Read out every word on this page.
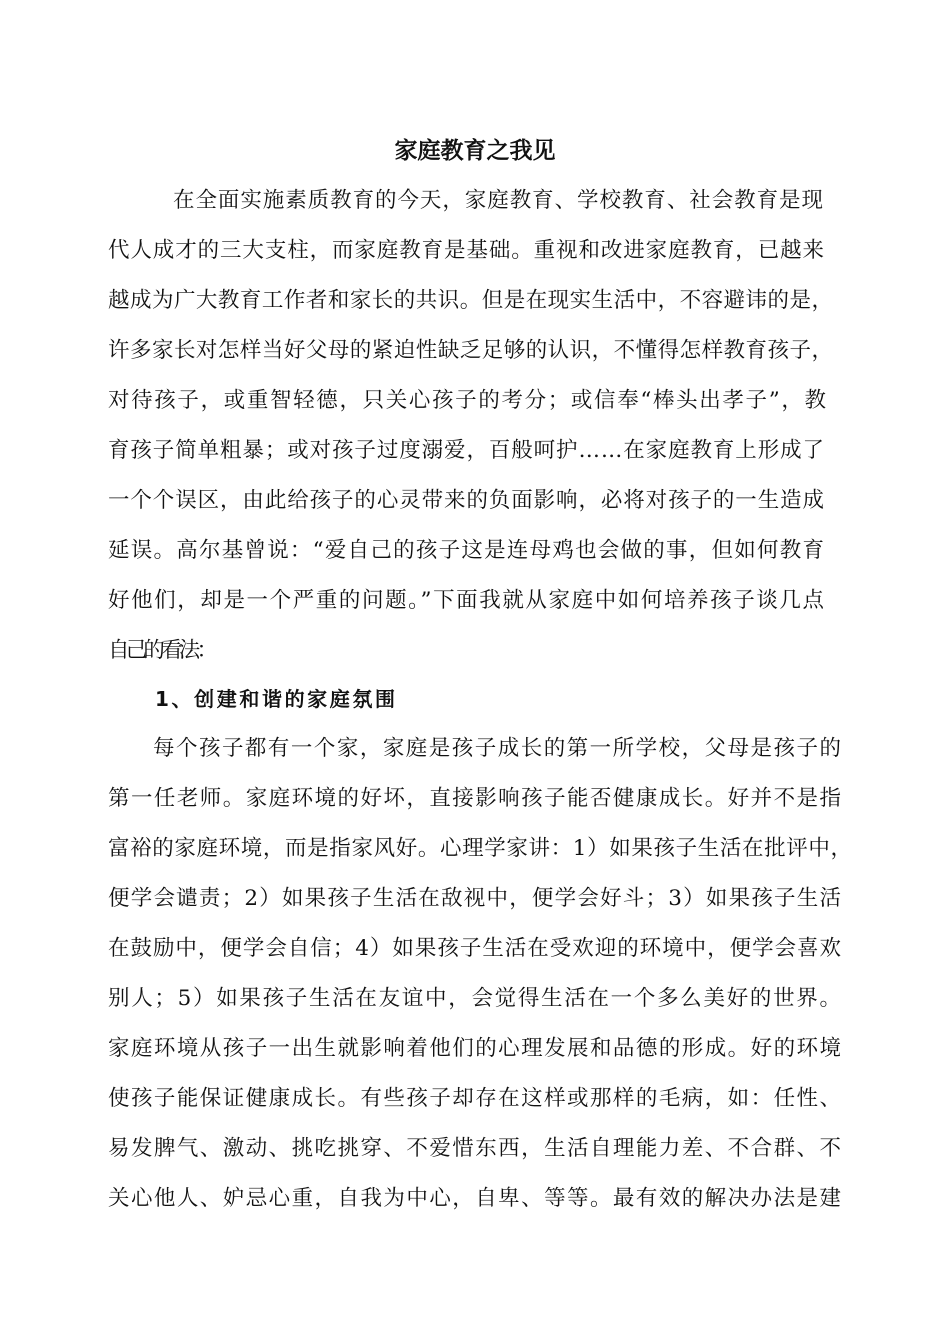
家庭教育之我见

在全面实施素质教育的今天，家庭教育、学校教育、社会教育是现

代人成才的三大支柱，而家庭教育是基础。重视和改进家庭教育，已越来

越成为广大教育工作者和家长的共识。但是在现实生活中，不容避讳的是，

许多家长对怎样当好父母的紧迫性缺乏足够的认识，不懂得怎样教育孩子，

对待孩子，或重智轻德，只关心孩子的考分；或信奉“棒头出孝子”，教

育孩子简单粗暴；或对孩子过度溺爱，百般呵护……在家庭教育上形成了

一个个误区，由此给孩子的心灵带来的负面影响，必将对孩子的一生造成

延误。高尔基曾说：“爱自己的孩子这是连母鸡也会做的事，但如何教育

好他们，却是一个严重的问题。”下面我就从家庭中如何培养孩子谈几点

自己的看法：

1、创建和谐的家庭氛围

每个孩子都有一个家，家庭是孩子成长的第一所学校，父母是孩子的

第一任老师。家庭环境的好坏，直接影响孩子能否健康成长。好并不是指

富裕的家庭环境，而是指家风好。心理学家讲：1）如果孩子生活在批评中，

便学会谴责；2）如果孩子生活在敌视中，便学会好斗；3）如果孩子生活

在鼓励中，便学会自信；4）如果孩子生活在受欢迎的环境中，便学会喜欢

别人；5）如果孩子生活在友谊中，会觉得生活在一个多么美好的世界。

家庭环境从孩子一出生就影响着他们的心理发展和品德的形成。好的环境

使孩子能保证健康成长。有些孩子却存在这样或那样的毛病，如：任性、

易发脾气、激动、挑吃挑穿、不爱惜东西，生活自理能力差、不合群、不

关心他人、妒忌心重，自我为中心，自卑、等等。最有效的解决办法是建
